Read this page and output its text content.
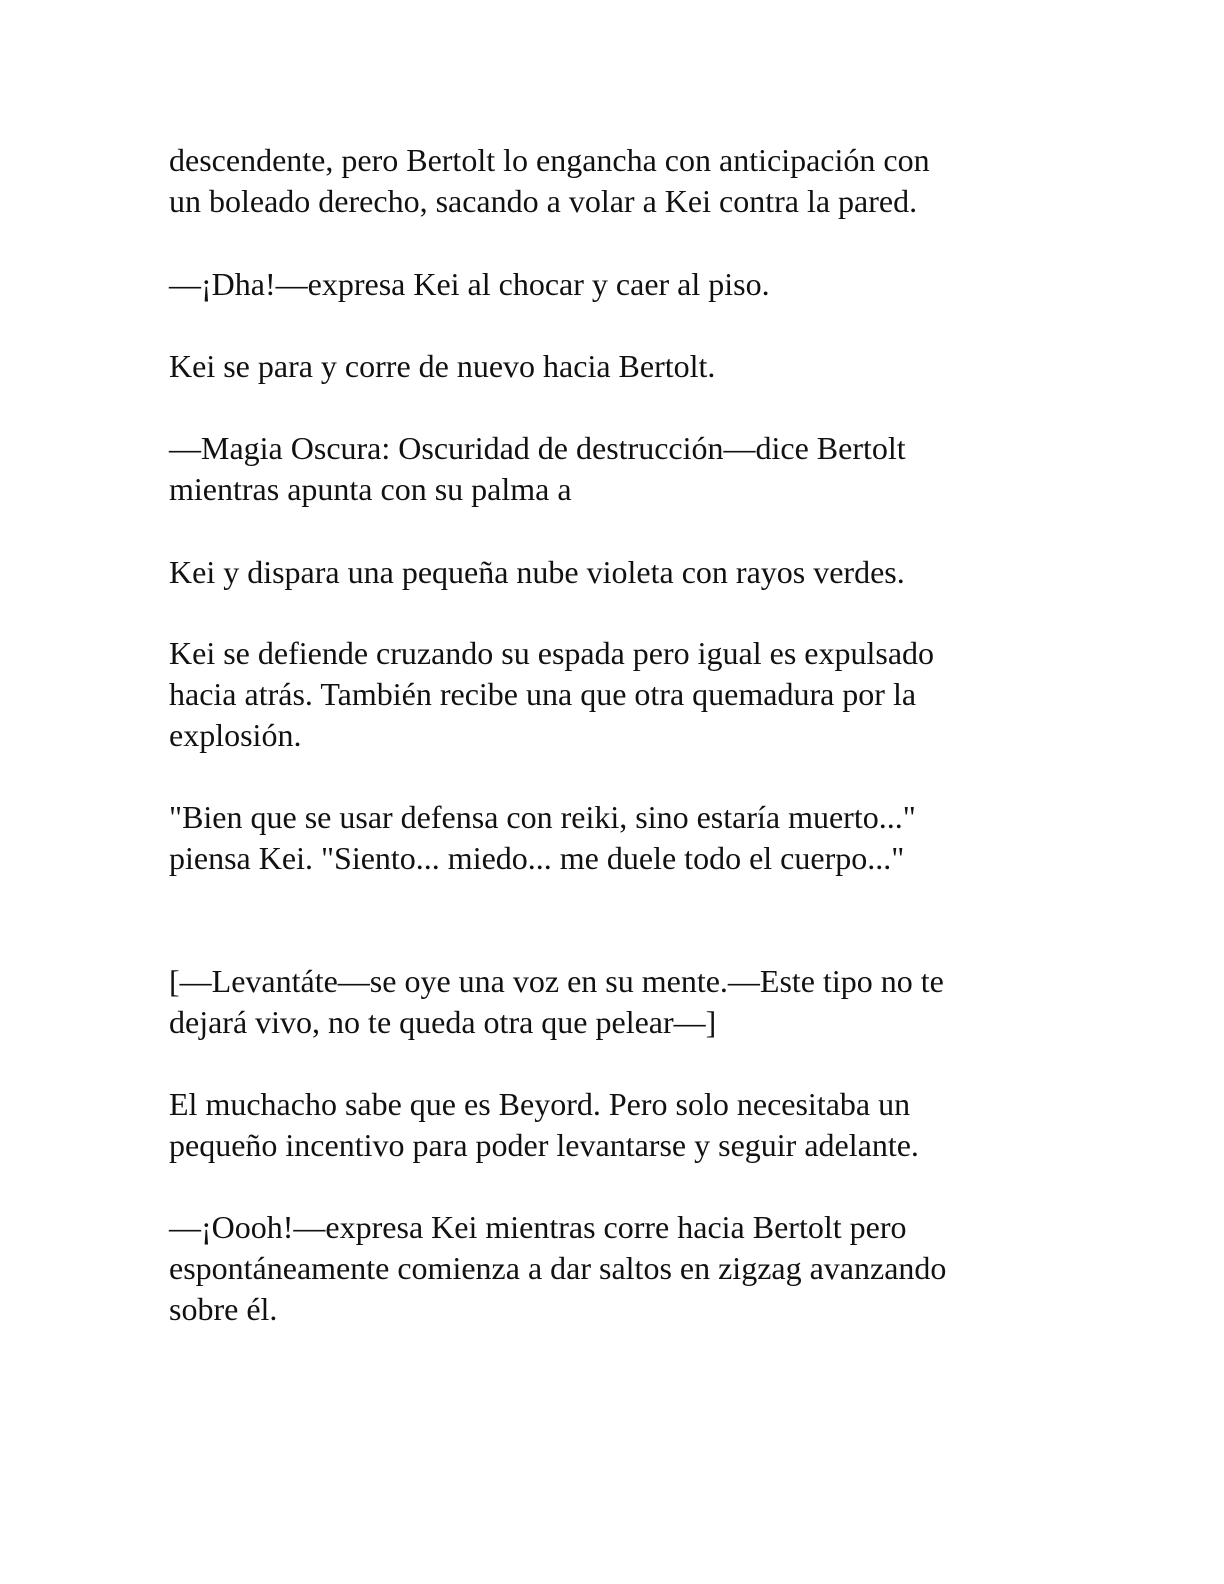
descendente, pero Bertolt lo engancha con anticipación con
un boleado derecho, sacando a volar a Kei contra la pared.

—¡Dha!—expresa Kei al chocar y caer al piso.

Kei se para y corre de nuevo hacia Bertolt.

—Magia Oscura: Oscuridad de destrucción—dice Bertolt
mientras apunta con su palma a

Kei y dispara una pequeña nube violeta con rayos verdes.

Kei se defiende cruzando su espada pero igual es expulsado
hacia atrás. También recibe una que otra quemadura por la
explosión.

"Bien que se usar defensa con reiki, sino estaría muerto..."
piensa Kei. "Siento... miedo... me duele todo el cuerpo..."

[—Levantáte—se oye una voz en su mente.—Este tipo no te
dejará vivo, no te queda otra que pelear—]

El muchacho sabe que es Beyord. Pero solo necesitaba un
pequeño incentivo para poder levantarse y seguir adelante.

—¡Oooh!—expresa Kei mientras corre hacia Bertolt pero
espontáneamente comienza a dar saltos en zigzag avanzando
sobre él.
